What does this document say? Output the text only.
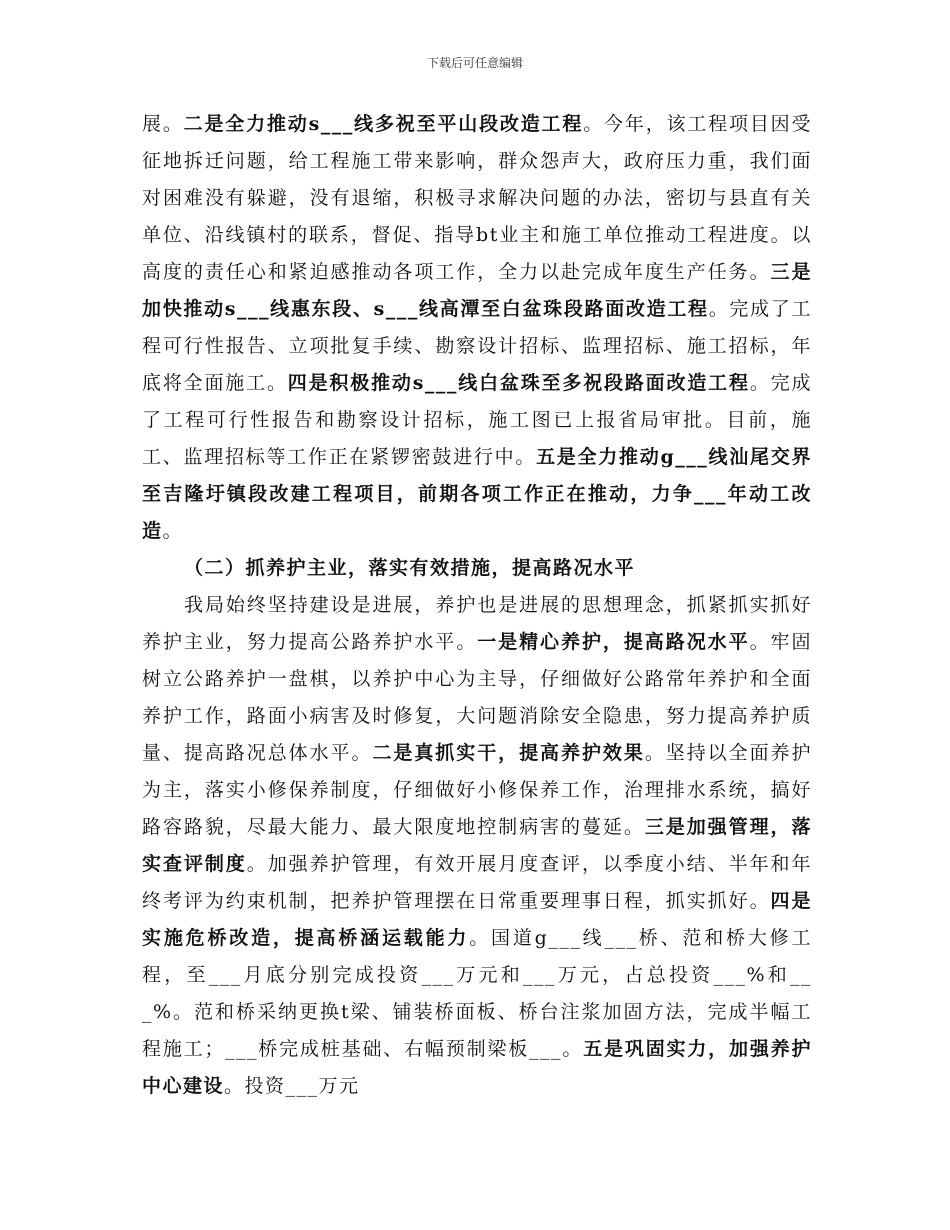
下载后可任意编辑

展。二是全力推动s___线多祝至平山段改造工程。今年，该工程项目因受征地拆迁问题，给工程施工带来影响，群众怨声大，政府压力重，我们面对困难没有躲避，没有退缩，积极寻求解决问题的办法，密切与县直有关单位、沿线镇村的联系，督促、指导bt业主和施工单位推动工程进度。以高度的责任心和紧迫感推动各项工作，全力以赴完成年度生产任务。三是加快推动s___线惠东段、s___线高潭至白盆珠段路面改造工程。完成了工程可行性报告、立项批复手续、勘察设计招标、监理招标、施工招标，年底将全面施工。四是积极推动s___线白盆珠至多祝段路面改造工程。完成了工程可行性报告和勘察设计招标，施工图已上报省局审批。目前，施工、监理招标等工作正在紧锣密鼓进行中。五是全力推动g___线汕尾交界至吉隆圩镇段改建工程项目，前期各项工作正在推动，力争___年动工改造。

（二）抓养护主业，落实有效措施，提高路况水平

我局始终坚持建设是进展，养护也是进展的思想理念，抓紧抓实抓好养护主业，努力提高公路养护水平。一是精心养护，提高路况水平。牢固树立公路养护一盘棋，以养护中心为主导，仔细做好公路常年养护和全面养护工作，路面小病害及时修复，大问题消除安全隐患，努力提高养护质量、提高路况总体水平。二是真抓实干，提高养护效果。坚持以全面养护为主，落实小修保养制度，仔细做好小修保养工作，治理排水系统，搞好路容路貌，尽最大能力、最大限度地控制病害的蔓延。三是加强管理，落实查评制度。加强养护管理，有效开展月度查评，以季度小结、半年和年终考评为约束机制，把养护管理摆在日常重要理事日程，抓实抓好。四是实施危桥改造，提高桥涵运载能力。国道g___线___桥、范和桥大修工程，至___月底分别完成投资___万元和___万元，占总投资___%和___%。范和桥采纳更换t梁、铺装桥面板、桥台注浆加固方法，完成半幅工程施工；___桥完成桩基础、右幅预制梁板___。五是巩固实力，加强养护中心建设。投资___万元
